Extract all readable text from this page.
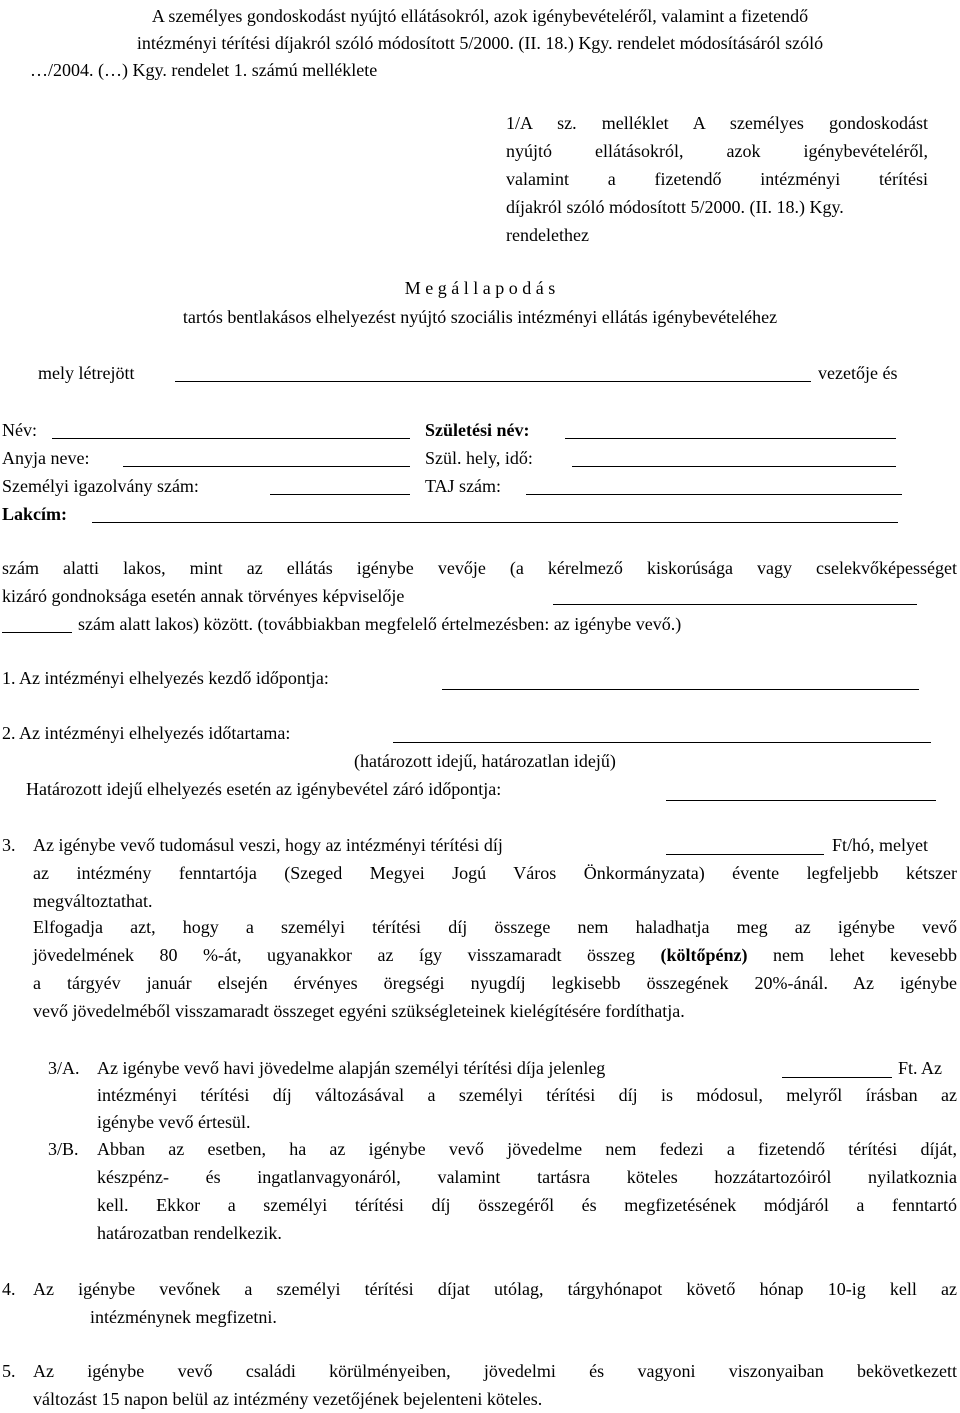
A személyes gondoskodást nyújtó ellátásokról, azok igénybevételéről, valamint a fizetendő
intézményi térítési díjakról szóló módosított 5/2000. (II. 18.) Kgy. rendelet módosításáról szóló
…/2004. (…) Kgy. rendelet 1. számú melléklete
1/A sz. melléklet A személyes gondoskodást
nyújtó ellátásokról, azok igénybevételéről,
valamint a fizetendő intézményi térítési
díjakról szóló módosított 5/2000. (II. 18.) Kgy.
rendelethez
M e g á l l a p o d á s
tartós bentlakásos elhelyezést nyújtó szociális intézményi ellátás igénybevételéhez
mely létrejött	vezetője és
Név:	Születési név:
Anyja neve:	Szül. hely, idő:
Személyi igazolvány szám:	TAJ szám:
Lakcím:
szám alatti lakos, mint az ellátás igénybe vevője (a kérelmező kiskorúsága vagy cselekvőképességet
kizáró gondnoksága esetén annak törvényes képviselője
szám alatt lakos) között. (továbbiakban megfelelő értelmezésben: az igénybe vevő.)
1. Az intézményi elhelyezés kezdő időpontja:
2. Az intézményi elhelyezés időtartama:
(határozott idejű, határozatlan idejű)
Határozott idejű elhelyezés esetén az igénybevétel záró időpontja:
3. Az igénybe vevő tudomásul veszi, hogy az intézményi térítési díj	Ft/hó, melyet
az intézmény fenntartója (Szeged Megyei Jogú Város Önkormányzata) évente legfeljebb kétszer
megváltoztathat.
Elfogadja azt, hogy a személyi térítési díj összege nem haladhatja meg az igénybe vevő
jövedelmének 80 %-át, ugyanakkor az így visszamaradt összeg (költőpénz) nem lehet kevesebb
a tárgyév január elsején érvényes öregségi nyugdíj legkisebb összegének 20%-ánál. Az igénybe
vevő jövedelméből visszamaradt összeget egyéni szükségleteinek kielégítésére fordíthatja.
3/A. Az igénybe vevő havi jövedelme alapján személyi térítési díja jelenleg	Ft. Az
intézményi térítési díj változásával a személyi térítési díj is módosul, melyről írásban az
igénybe vevő értesül.
3/B. Abban az esetben, ha az igénybe vevő jövedelme nem fedezi a fizetendő térítési díját,
készpénz- és ingatlanvagyonáról, valamint tartásra köteles hozzátartozóiról nyilatkoznia
kell. Ekkor a személyi térítési díj összegéről és megfizetésének módjáról a fenntartó
határozatban rendelkezik.
4. Az igénybe vevőnek a személyi térítési díjat utólag, tárgyhónapot követő hónap 10-ig kell az
intézménynek megfizetni.
5. Az igénybe vevő családi körülményeiben, jövedelmi és vagyoni viszonyaiban bekövetkezett
változást 15 napon belül az intézmény vezetőjének bejelenteni köteles.
